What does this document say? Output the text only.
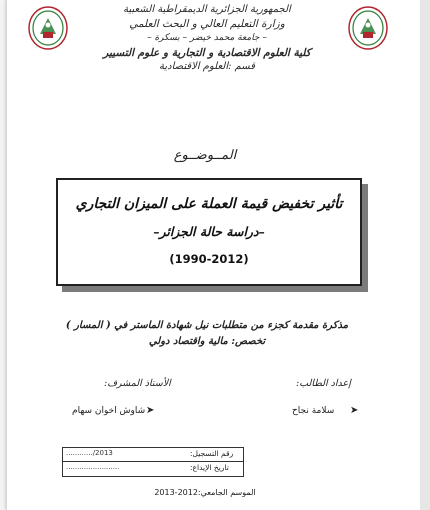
الجمهورية الجزائرية الديمقراطية الشعبية
وزارة التعليم العالي و البحث العلمي
– جامعة محمد خيضر – بسكرة –
كلية العلوم الاقتصادية و التجارية و علوم التسيير
قسم :العلوم الاقتصادية
المــوضــوع
تأثير تخفيض قيمة العملة على الميزان التجاري
–دراسة حالة الجزائر–
(1990-2012)
مذكرة مقدمة كجزء من متطلبات نيل شهادة الماستر في ( المسار )
تخصص: مالية واقتصاد دولي
إعداد الطالب:
الأستاذ المشرف:
➤
سلامة نجاح
➤
شاوش اخوان سهام
رقم التسجيل:
تاريخ الإيداع:
............/2013
........................
الموسم الجامعي:2012-2013
